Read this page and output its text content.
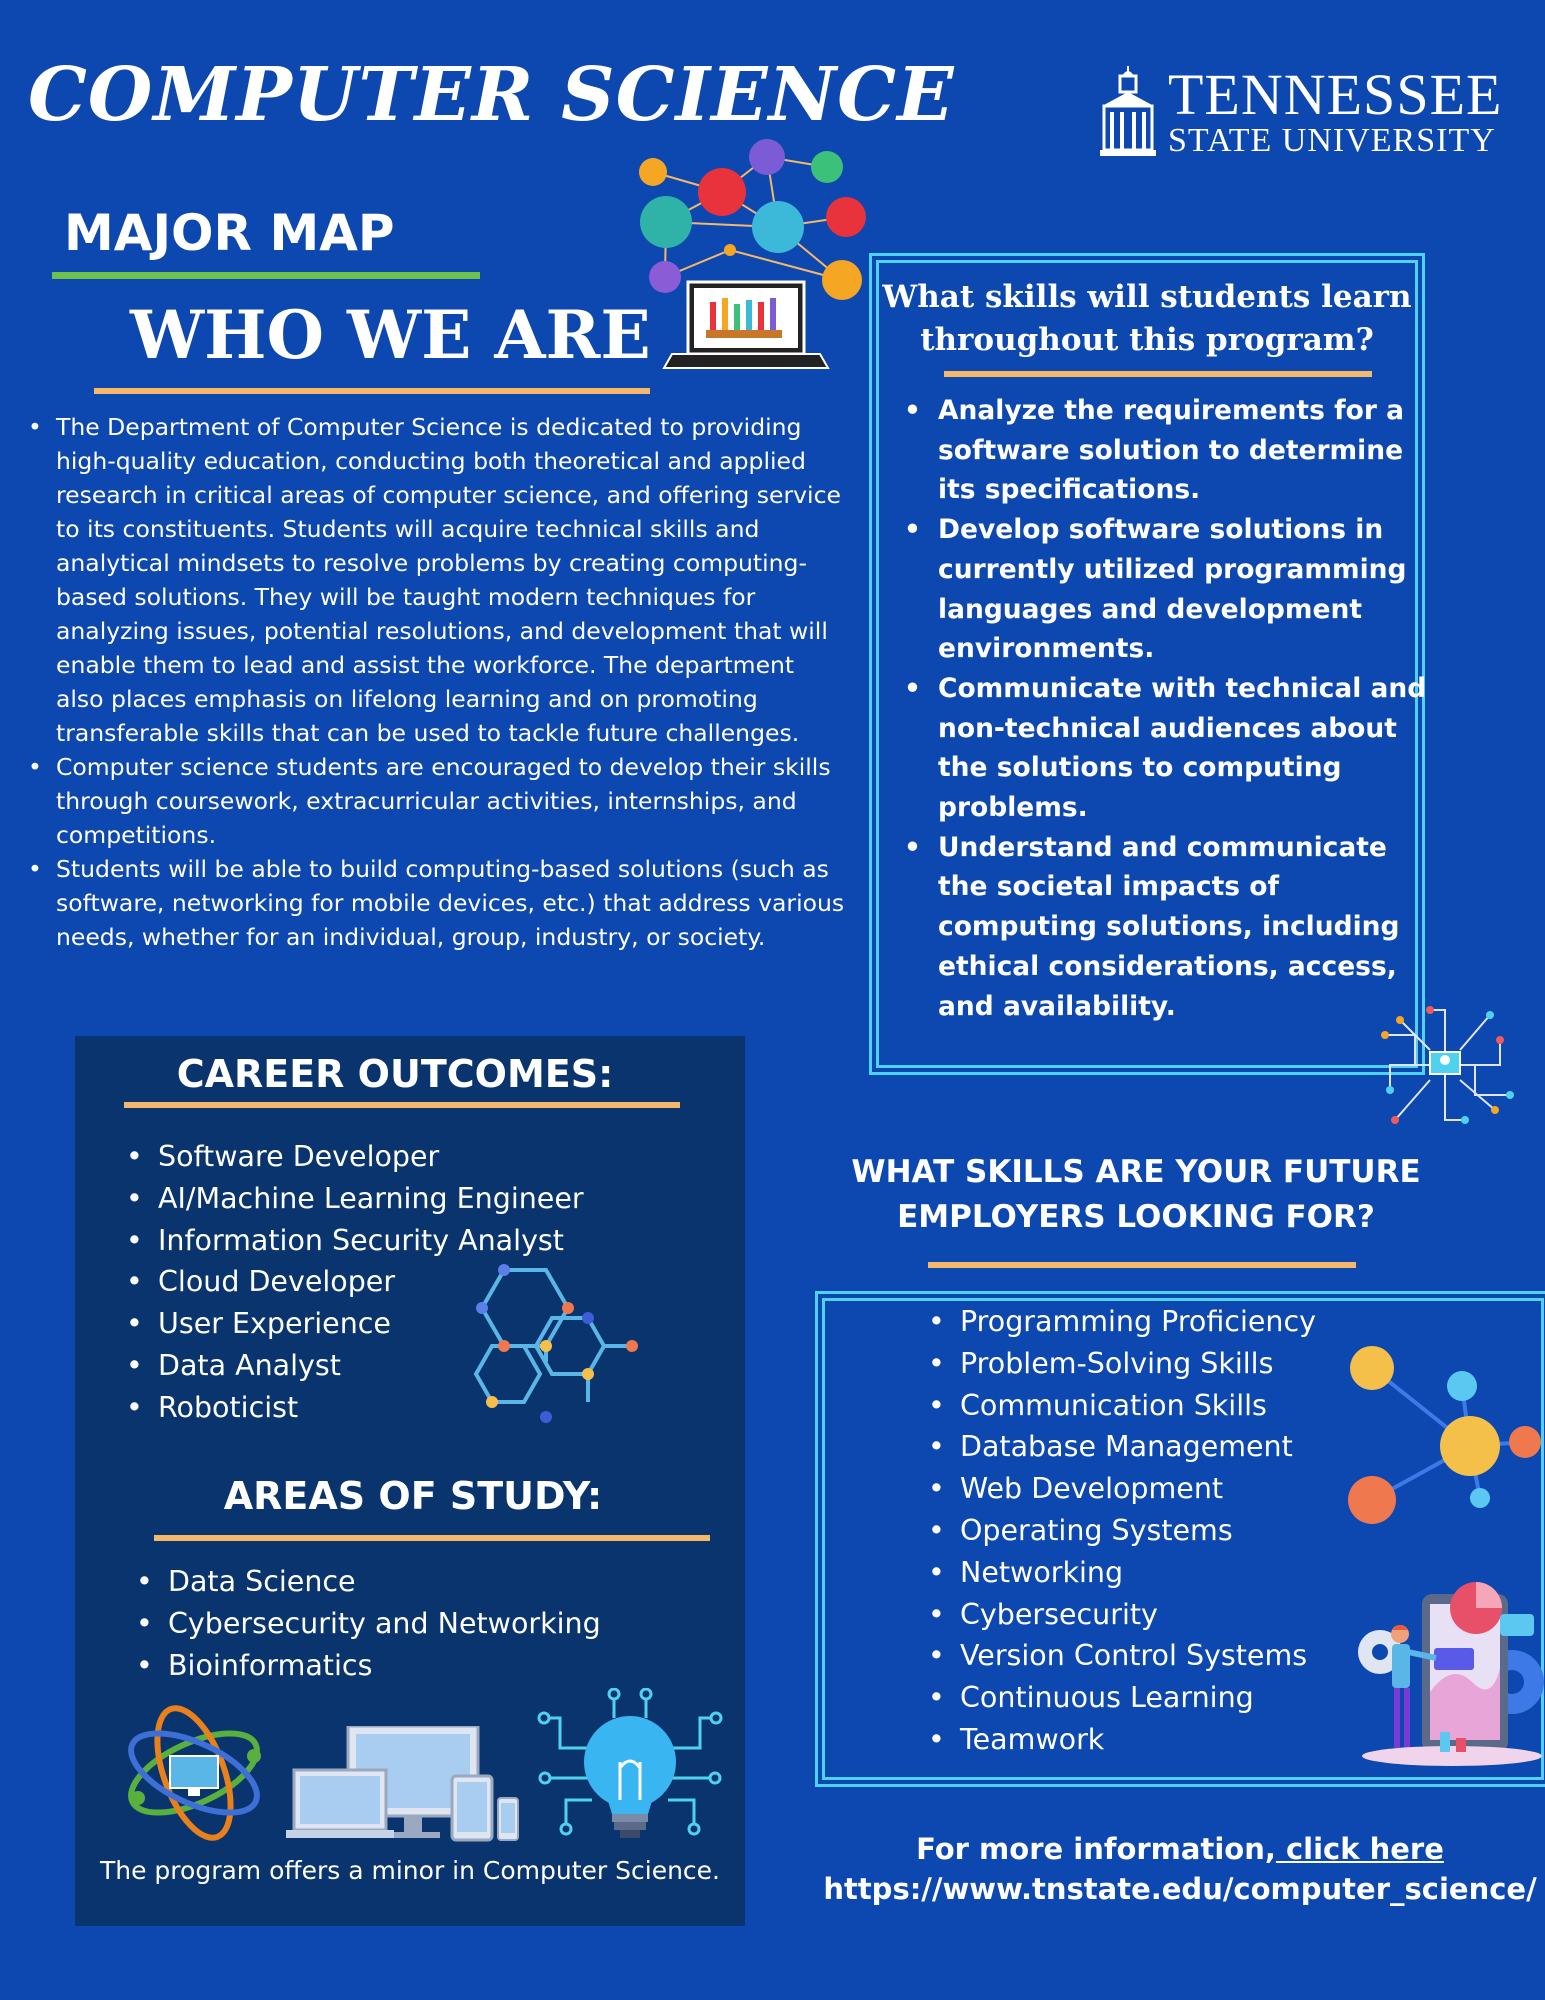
COMPUTER SCIENCE	TENNESSEE
STATE UNIVERSITY
MAJOR MAP
WHO WE ARE
• The Department of Computer Science is dedicated to providing high-quality education, conducting both theoretical and applied research in critical areas of computer science, and offering service to its constituents. Students will acquire technical skills and analytical mindsets to resolve problems by creating computing-based solutions. They will be taught modern techniques for analyzing issues, potential resolutions, and development that will enable them to lead and assist the workforce. The department also places emphasis on lifelong learning and on promoting transferable skills that can be used to tackle future challenges.
• Computer science students are encouraged to develop their skills through coursework, extracurricular activities, internships, and competitions.
• Students will be able to build computing-based solutions (such as software, networking for mobile devices, etc.) that address various needs, whether for an individual, group, industry, or society.
What skills will students learn
throughout this program?
• Analyze the requirements for a software solution to determine its specifications.
• Develop software solutions in currently utilized programming languages and development environments.
• Communicate with technical and non-technical audiences about the solutions to computing problems.
• Understand and communicate the societal impacts of computing solutions, including ethical considerations, access, and availability.
CAREER OUTCOMES:
• Software Developer
• AI/Machine Learning Engineer
• Information Security Analyst
• Cloud Developer
• User Experience
• Data Analyst
• Roboticist
AREAS OF STUDY:
• Data Science
• Cybersecurity and Networking
• Bioinformatics
The program offers a minor in Computer Science.
WHAT SKILLS ARE YOUR FUTURE
EMPLOYERS LOOKING FOR?
• Programming Proficiency
• Problem-Solving Skills
• Communication Skills
• Database Management
• Web Development
• Operating Systems
• Networking
• Cybersecurity
• Version Control Systems
• Continuous Learning
• Teamwork
For more information, click here
https://www.tnstate.edu/computer_science/
